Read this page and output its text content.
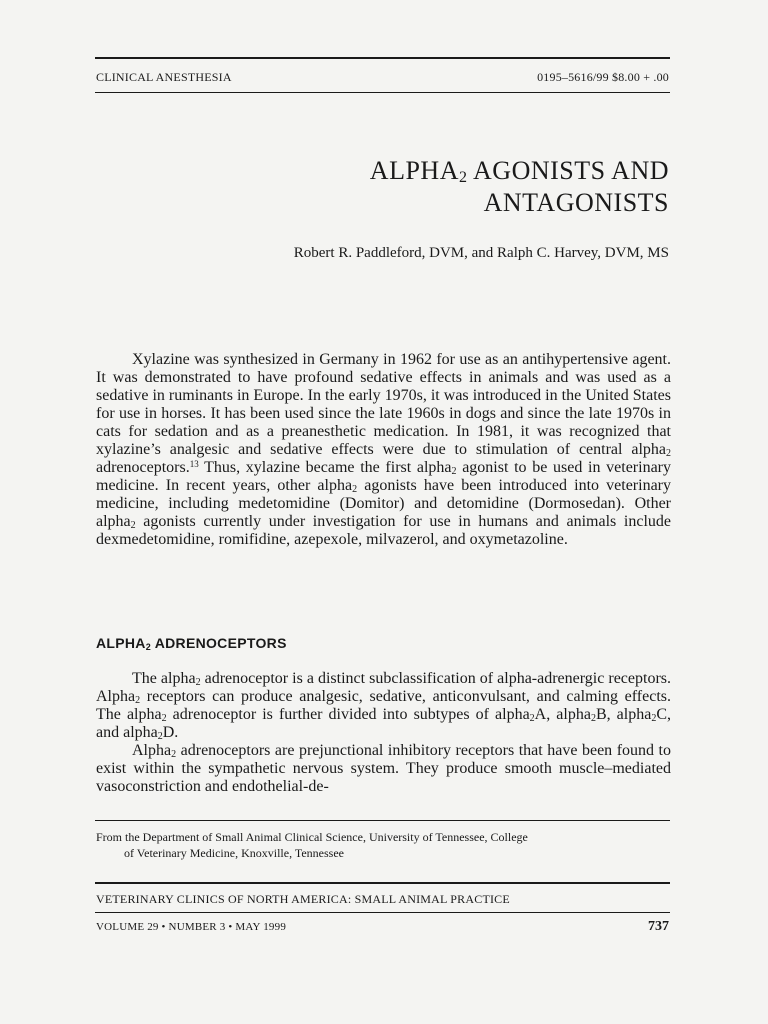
CLINICAL ANESTHESIA	0195–5616/99 $8.00 + .00
$ALPHA_2$ AGONISTS AND
ANTAGONISTS
Robert R. Paddleford, DVM, and Ralph C. Harvey, DVM, MS

Xylazine was synthesized in Germany in 1962 for use as an antihypertensive agent. It was demonstrated to have profound sedative effects in animals and was used as a sedative in ruminants in Europe. In the early 1970s, it was introduced in the United States for use in horses. It has been used since the late 1960s in dogs and since the late 1970s in cats for sedation and as a preanesthetic medication. In 1981, it was recognized that xylazine’s analgesic and sedative effects were due to stimulation of central alpha$_2$ adrenoceptors.$^{13}$ Thus, xylazine became the first alpha$_2$ agonist to be used in veterinary medicine. In recent years, other alpha$_2$ agonists have been introduced into veterinary medicine, including medetomidine (Domitor) and detomidine (Dormosedan). Other alpha$_2$ agonists currently under investigation for use in humans and animals include dexmedetomidine, romifidine, azepexole, milvazerol, and oxymetazoline.

$ALPHA_2$ ADRENOCEPTORS

The alpha$_2$ adrenoceptor is a distinct subclassification of alpha-adrenergic receptors. Alpha$_2$ receptors can produce analgesic, sedative, anticonvulsant, and calming effects. The alpha$_2$ adrenoceptor is further divided into subtypes of alpha$_2$A, alpha$_2$B, alpha$_2$C, and alpha$_2$D.

Alpha$_2$ adrenoceptors are prejunctional inhibitory receptors that have been found to exist within the sympathetic nervous system. They produce smooth muscle–mediated vasoconstriction and endothelial-de-

From the Department of Small Animal Clinical Science, University of Tennessee, College
of Veterinary Medicine, Knoxville, Tennessee
VETERINARY CLINICS OF NORTH AMERICA: SMALL ANIMAL PRACTICE
VOLUME 29 • NUMBER 3 • MAY 1999	737
